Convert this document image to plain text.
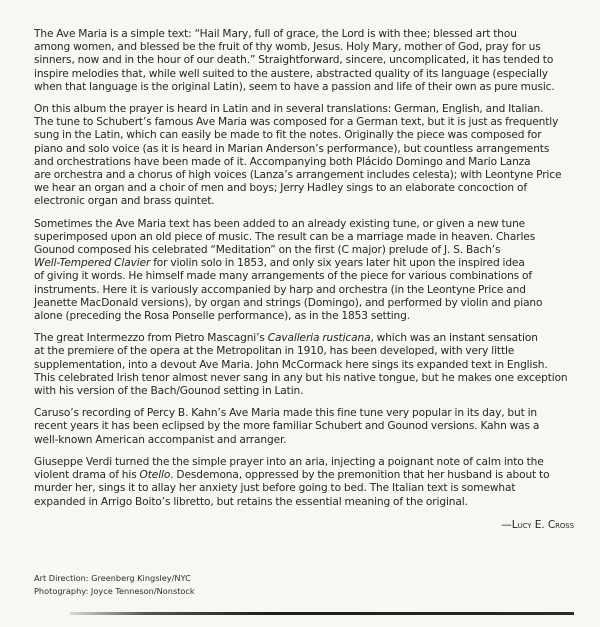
The Ave Maria is a simple text: “Hail Mary, full of grace, the Lord is with thee; blessed art thou
among women, and blessed be the fruit of thy womb, Jesus. Holy Mary, mother of God, pray for us
sinners, now and in the hour of our death.” Straightforward, sincere, uncomplicated, it has tended to
inspire melodies that, while well suited to the austere, abstracted quality of its language (especially
when that language is the original Latin), seem to have a passion and life of their own as pure music.

On this album the prayer is heard in Latin and in several translations: German, English, and Italian.
The tune to Schubert’s famous Ave Maria was composed for a German text, but it is just as frequently
sung in the Latin, which can easily be made to fit the notes. Originally the piece was composed for
piano and solo voice (as it is heard in Marian Anderson’s performance), but countless arrangements
and orchestrations have been made of it. Accompanying both Plácido Domingo and Mario Lanza
are orchestra and a chorus of high voices (Lanza’s arrangement includes celesta); with Leontyne Price
we hear an organ and a choir of men and boys; Jerry Hadley sings to an elaborate concoction of
electronic organ and brass quintet.

Sometimes the Ave Maria text has been added to an already existing tune, or given a new tune
superimposed upon an old piece of music. The result can be a marriage made in heaven. Charles
Gounod composed his celebrated “Meditation” on the first (C major) prelude of J. S. Bach’s
Well-Tempered Clavier for violin solo in 1853, and only six years later hit upon the inspired idea
of giving it words. He himself made many arrangements of the piece for various combinations of
instruments. Here it is variously accompanied by harp and orchestra (in the Leontyne Price and
Jeanette MacDonald versions), by organ and strings (Domingo), and performed by violin and piano
alone (preceding the Rosa Ponselle performance), as in the 1853 setting.

The great Intermezzo from Pietro Mascagni’s Cavalleria rusticana, which was an instant sensation
at the premiere of the opera at the Metropolitan in 1910, has been developed, with very little
supplementation, into a devout Ave Maria. John McCormack here sings its expanded text in English.
This celebrated Irish tenor almost never sang in any but his native tongue, but he makes one exception
with his version of the Bach/Gounod setting in Latin.

Caruso’s recording of Percy B. Kahn’s Ave Maria made this fine tune very popular in its day, but in
recent years it has been eclipsed by the more familiar Schubert and Gounod versions. Kahn was a
well-known American accompanist and arranger.

Giuseppe Verdi turned the the simple prayer into an aria, injecting a poignant note of calm into the
violent drama of his Otello. Desdemona, oppressed by the premonition that her husband is about to
murder her, sings it to allay her anxiety just before going to bed. The Italian text is somewhat
expanded in Arrigo Boito’s libretto, but retains the essential meaning of the original.

—Lucy E. Cross
Art Direction: Greenberg Kingsley/NYC
Photography: Joyce Tenneson/Nonstock
